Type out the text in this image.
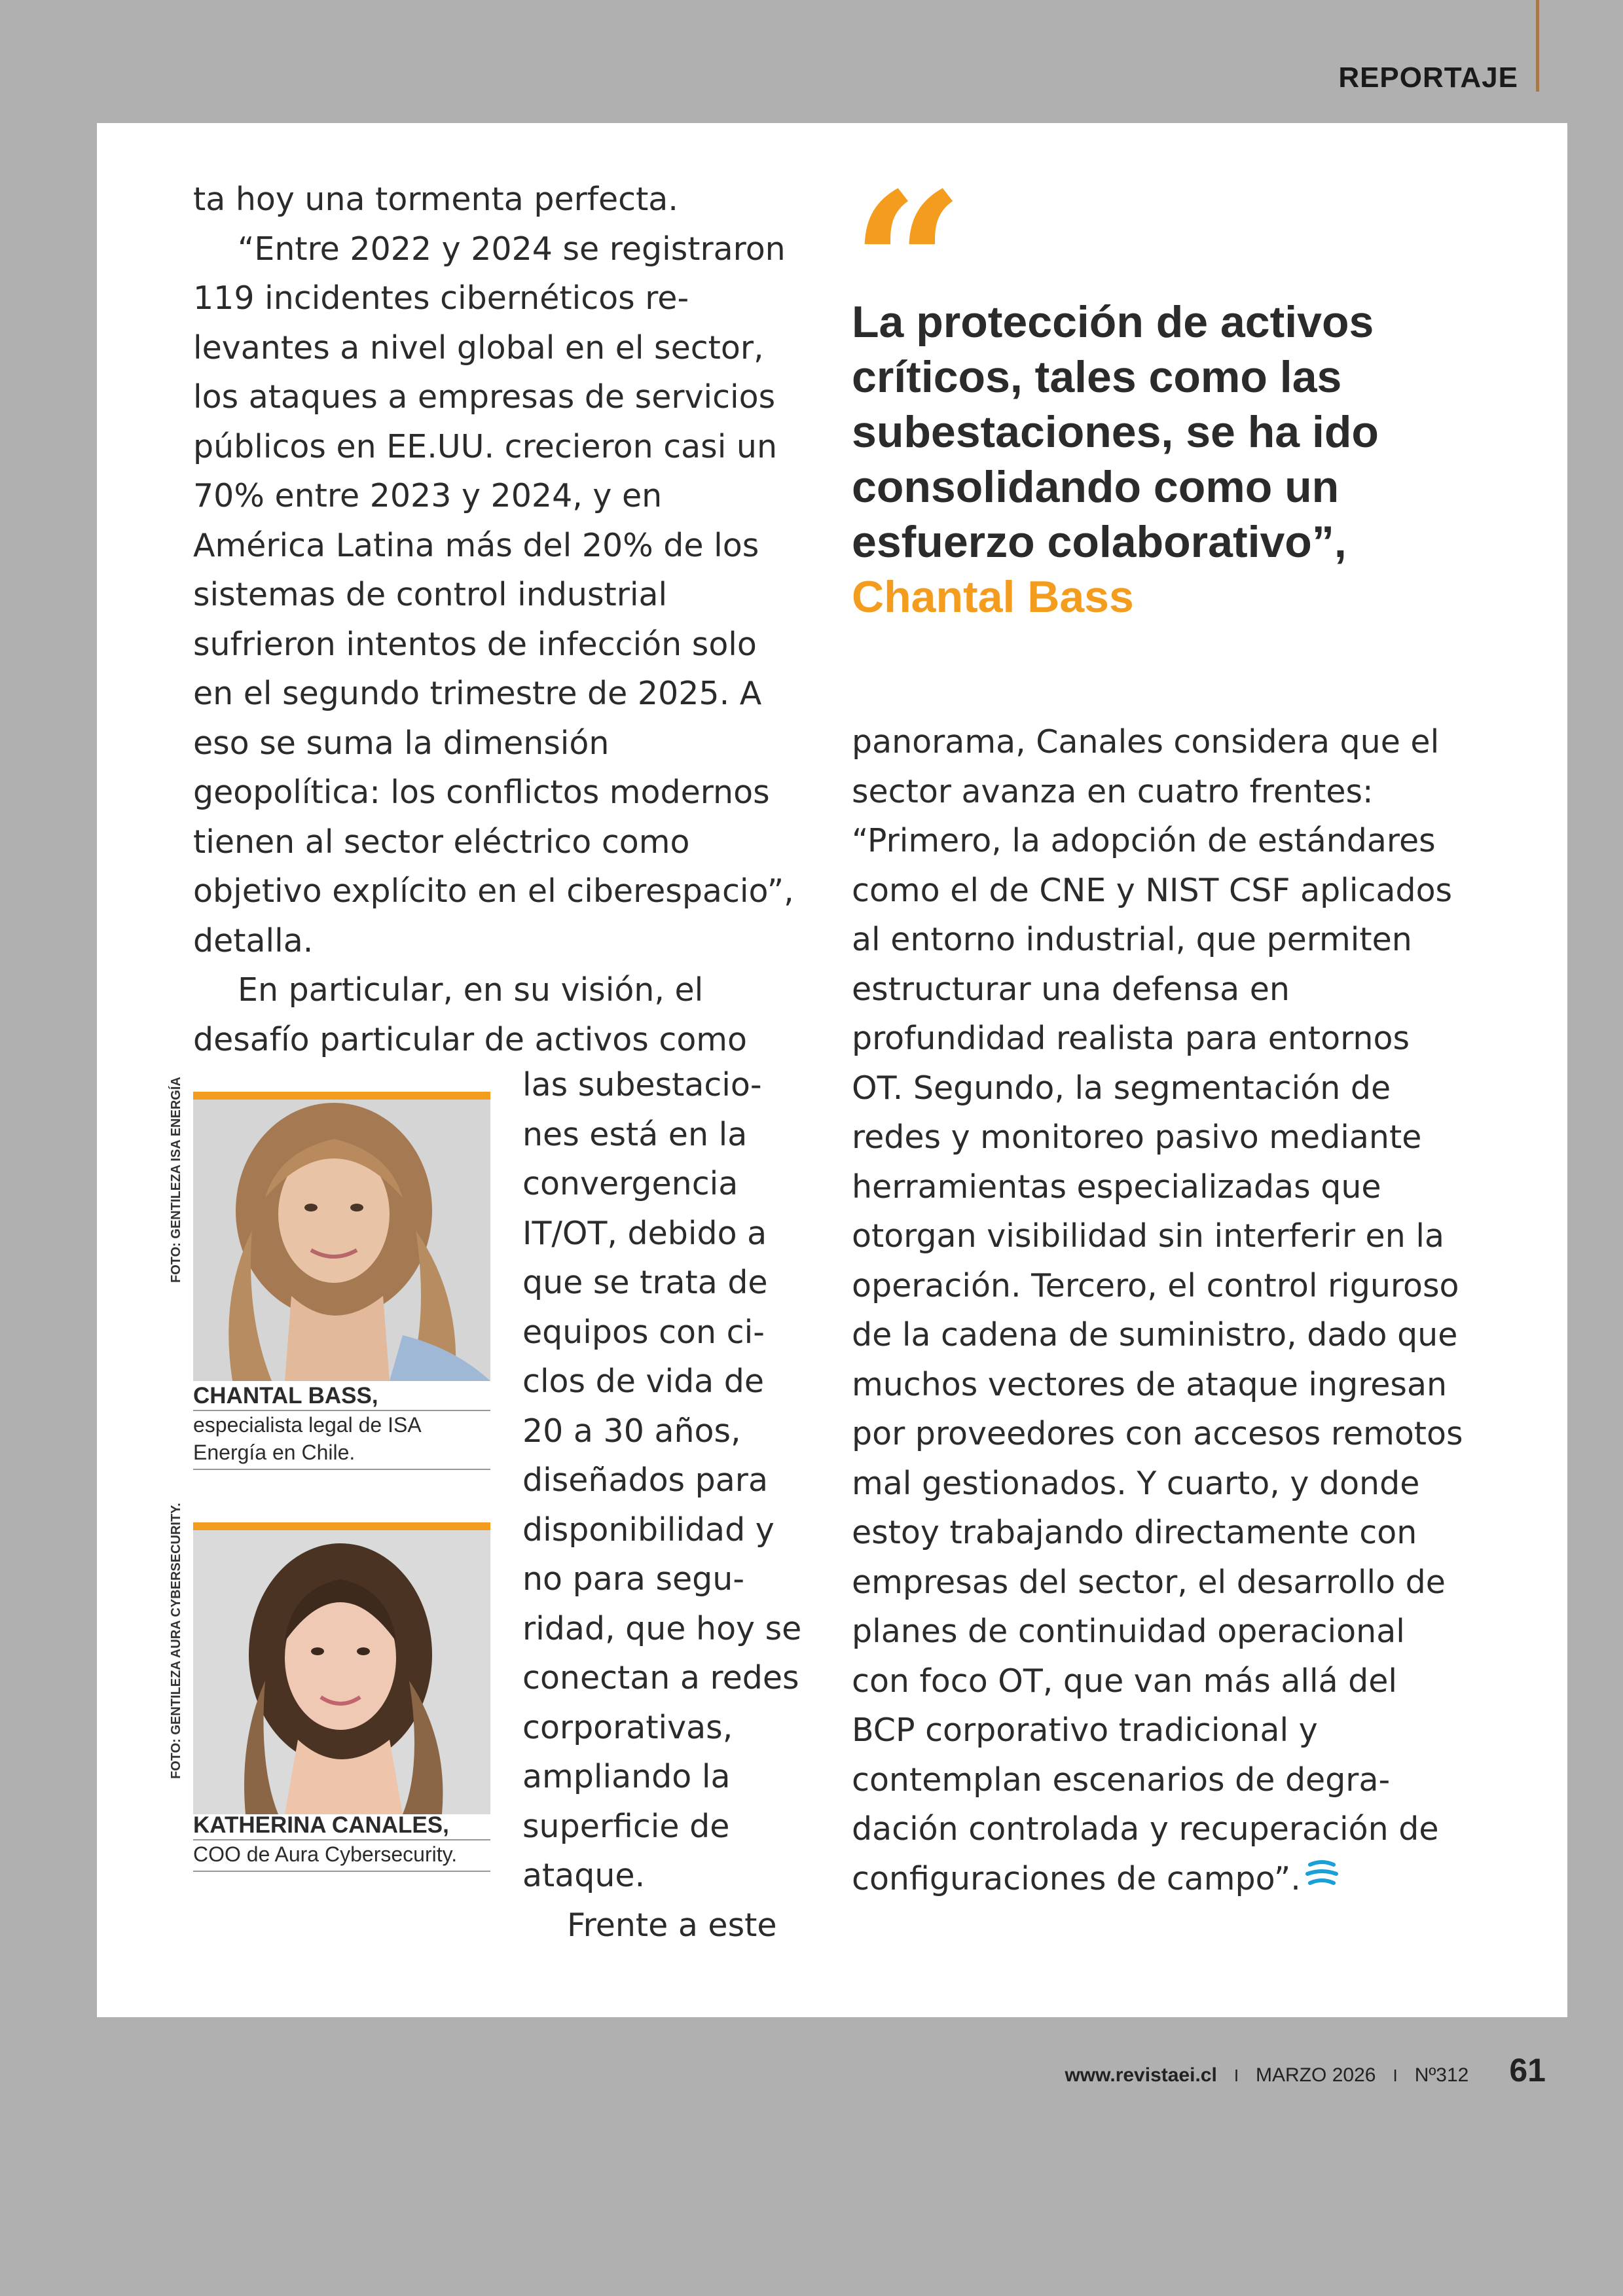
REPORTAJE

ta hoy una tormenta perfecta.

“Entre 2022 y 2024 se registraron 119 incidentes cibernéticos relevantes a nivel global en el sector, los ataques a empresas de servicios públicos en EE.UU. crecieron casi un 70% entre 2023 y 2024, y en América Latina más del 20% de los sistemas de control industrial sufrieron intentos de infección solo en el segundo trimestre de 2025. A eso se suma la dimensión geopolítica: los conflictos modernos tienen al sector eléctrico como objetivo explícito en el ciberespacio”, detalla.

En particular, en su visión, el desafío particular de activos como

“
La protección de activos críticos, tales como las subestaciones, se ha ido consolidando como un esfuerzo colaborativo”,
Chantal Bass
FOTO: GENTILEZA ISA ENERGÍA
CHANTAL BASS,
especialista legal de ISA Energía en Chile.
FOTO: GENTILEZA AURA CYBERSECURITY.
KATHERINA CANALES,
COO de Aura Cybersecurity.

las subestaciones está en la convergencia IT/OT, debido a que se trata de equipos con ciclos de vida de 20 a 30 años, diseñados para disponibilidad y no para seguridad, que hoy se conectan a redes corporativas, ampliando la superficie de ataque.

Frente a este

panorama, Canales considera que el sector avanza en cuatro frentes: “Primero, la adopción de estándares como el de CNE y NIST CSF aplicados al entorno industrial, que permiten estructurar una defensa en profundidad realista para entornos OT. Segundo, la segmentación de redes y monitoreo pasivo mediante herramientas especializadas que otorgan visibilidad sin interferir en la operación. Tercero, el control riguroso de la cadena de suministro, dado que muchos vectores de ataque ingresan por proveedores con accesos remotos mal gestionados. Y cuarto, y donde estoy trabajando directamente con empresas del sector, el desarrollo de planes de continuidad operacional con foco OT, que van más allá del BCP corporativo tradicional y contemplan escenarios de degradación controlada y recuperación de configuraciones de campo”.

www.revistaei.cl I MARZO 2026 I Nº312 61
